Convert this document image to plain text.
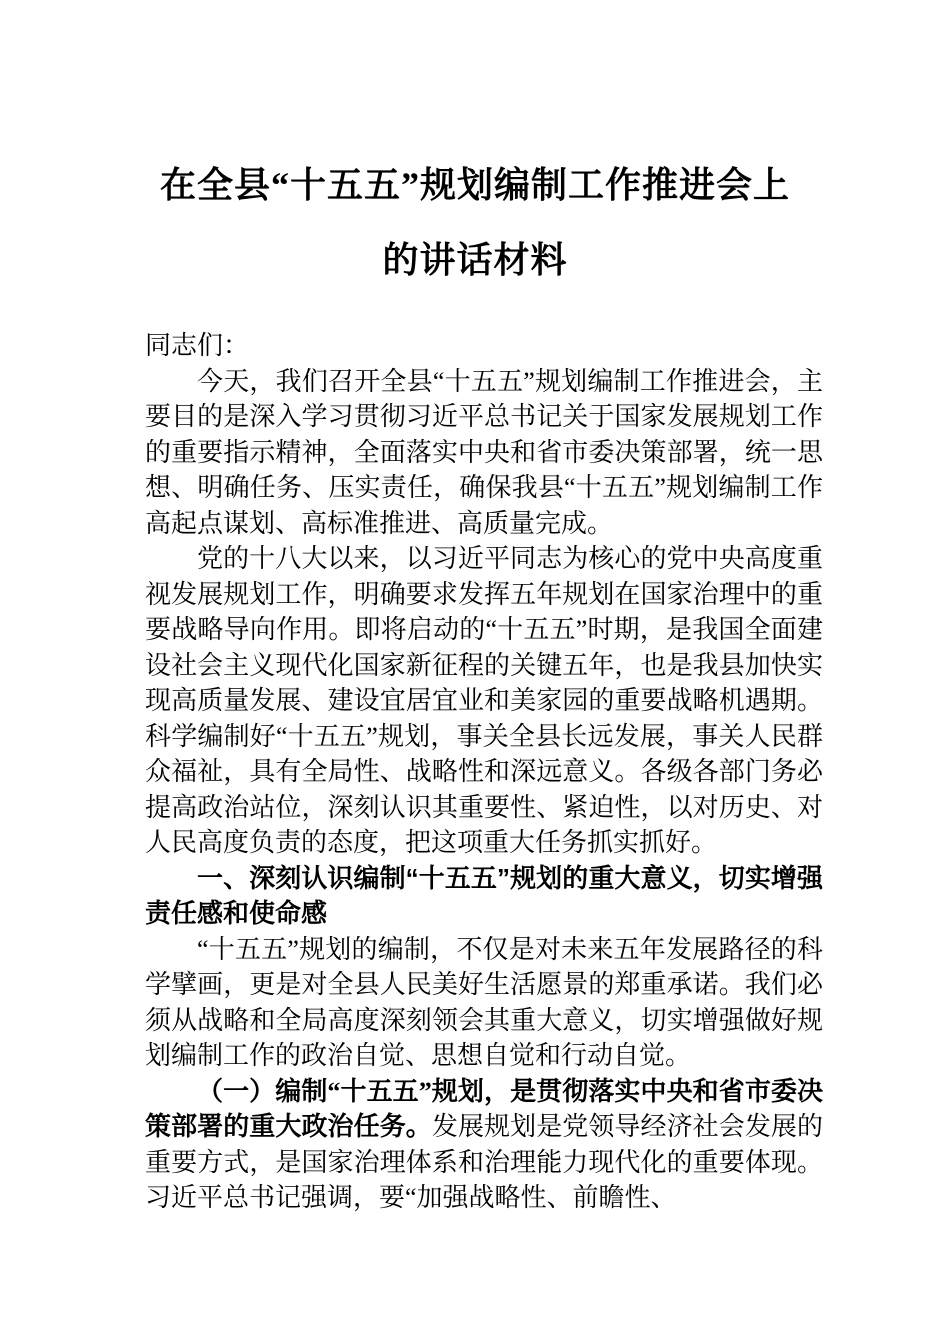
在全县“十五五”规划编制工作推进会上
的讲话材料

同志们：

今天，我们召开全县“十五五”规划编制工作推进会，主要目的是深入学习贯彻习近平总书记关于国家发展规划工作的重要指示精神，全面落实中央和省市委决策部署，统一思想、明确任务、压实责任，确保我县“十五五”规划编制工作高起点谋划、高标准推进、高质量完成。

党的十八大以来，以习近平同志为核心的党中央高度重视发展规划工作，明确要求发挥五年规划在国家治理中的重要战略导向作用。即将启动的“十五五”时期，是我国全面建设社会主义现代化国家新征程的关键五年，也是我县加快实现高质量发展、建设宜居宜业和美家园的重要战略机遇期。科学编制好“十五五”规划，事关全县长远发展，事关人民群众福祉，具有全局性、战略性和深远意义。各级各部门务必提高政治站位，深刻认识其重要性、紧迫性，以对历史、对人民高度负责的态度，把这项重大任务抓实抓好。

一、深刻认识编制“十五五”规划的重大意义，切实增强责任感和使命感

“十五五”规划的编制，不仅是对未来五年发展路径的科学擘画，更是对全县人民美好生活愿景的郑重承诺。我们必须从战略和全局高度深刻领会其重大意义，切实增强做好规划编制工作的政治自觉、思想自觉和行动自觉。

（一）编制“十五五”规划，是贯彻落实中央和省市委决策部署的重大政治任务。发展规划是党领导经济社会发展的重要方式，是国家治理体系和治理能力现代化的重要体现。习近平总书记强调，要“加强战略性、前瞻性、
